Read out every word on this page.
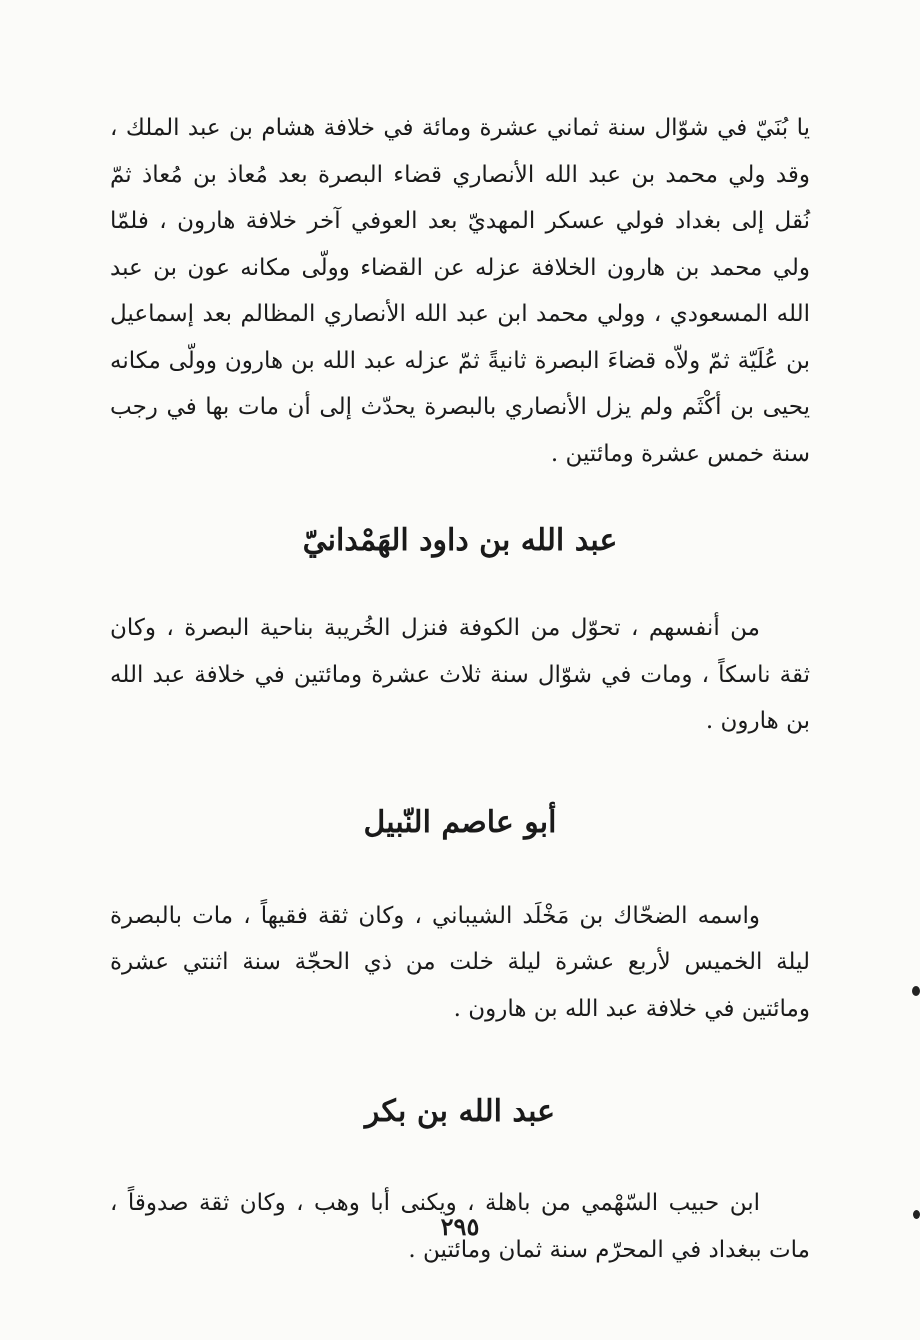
يا بُنَيّ في شوّال سنة ثماني عشرة ومائة في خلافة هشام بن عبد الملك ، وقد ولي محمد بن عبد الله الأنصاري قضاء البصرة بعد مُعاذ بن مُعاذ ثمّ نُقل إلى بغداد فولي عسكر المهديّ بعد العوفي آخر خلافة هارون ، فلمّا ولي محمد بن هارون الخلافة عزله عن القضاء وولّى مكانه عون بن عبد الله المسعودي ، وولي محمد ابن عبد الله الأنصاري المظالم بعد إسماعيل بن عُلَيّة ثمّ ولاّه قضاءَ البصرة ثانيةً ثمّ عزله عبد الله بن هارون وولّى مكانه يحيى بن أكْثَم ولم يزل الأنصاري بالبصرة يحدّث إلى أن مات بها في رجب سنة خمس عشرة ومائتين .

عبد الله بن داود الهَمْدانيّ

من أنفسهم ، تحوّل من الكوفة فنزل الخُريبة بناحية البصرة ، وكان ثقة ناسكاً ، ومات في شوّال سنة ثلاث عشرة ومائتين في خلافة عبد الله بن هارون .

أبو عاصم النّبيل

واسمه الضحّاك بن مَخْلَد الشيباني ، وكان ثقة فقيهاً ، مات بالبصرة ليلة الخميس لأربع عشرة ليلة خلت من ذي الحجّة سنة اثنتي عشرة ومائتين في خلافة عبد الله بن هارون .

عبد الله بن بكر

ابن حبيب السّهْمي من باهلة ، ويكنى أبا وهب ، وكان ثقة صدوقاً ، مات ببغداد في المحرّم سنة ثمان ومائتين .

٢٩٥
